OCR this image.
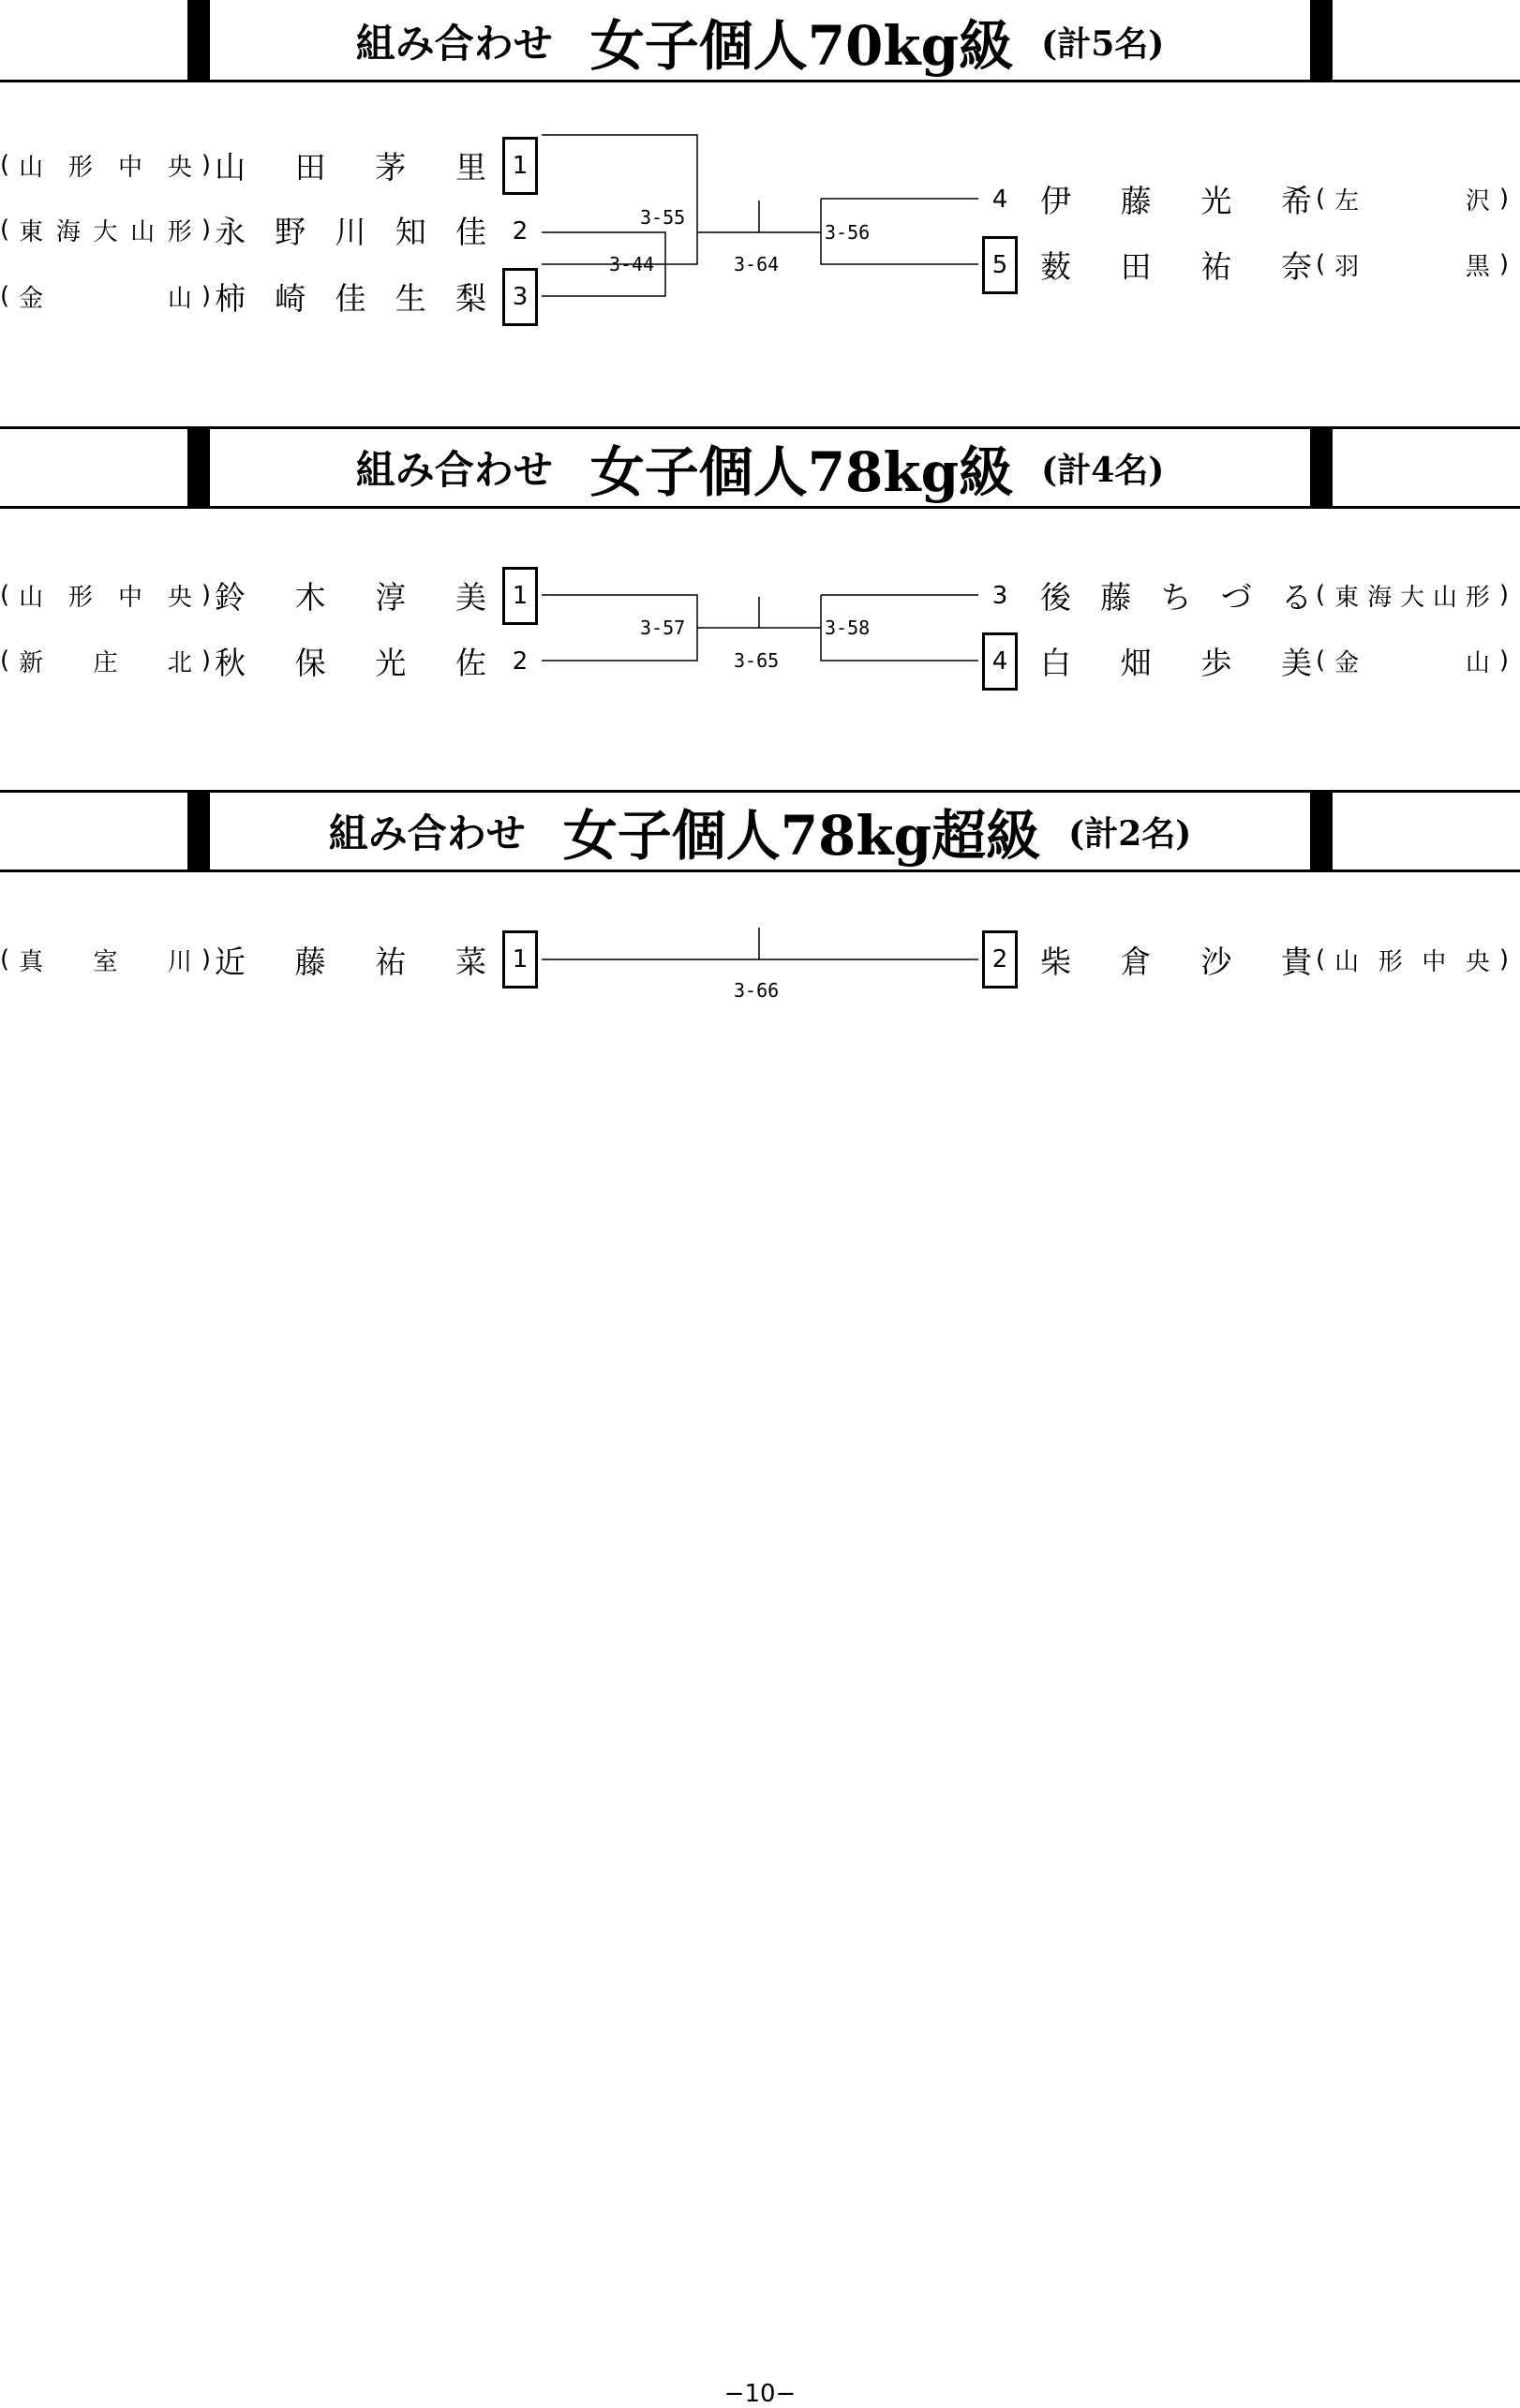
組み合わせ 女子個人70kg級 (計5名)
( 山 形 中 央 ) 山 田 茅 里
( 東 海 大 山 形 ) 永 野 川 知 佳
( 金	山 ) 柿 崎 佳 生 梨
1
2
3
4
5
伊 藤 光 希 ( 左	沢 )
薮 田 祐 奈 ( 羽	黒 )
3-55
3-44	3-64
3-56
組み合わせ 女子個人78kg級 (計4名)
( 山 形 中 央 ) 鈴 木 淳 美
( 新 庄 北 ) 秋 保 光 佐
1
2
3
4
後 藤 ち づ る ( 東 海 大 山 形 )
白 畑 歩 美 ( 金	山 )
3-57
3-65
3-58
組み合わせ 女子個人78kg超級 (計2名)
( 真 室 川 ) 近 藤 祐 菜	1	2	柴 倉 沙 貴 ( 山 形 中 央 )
3-66
−10−
